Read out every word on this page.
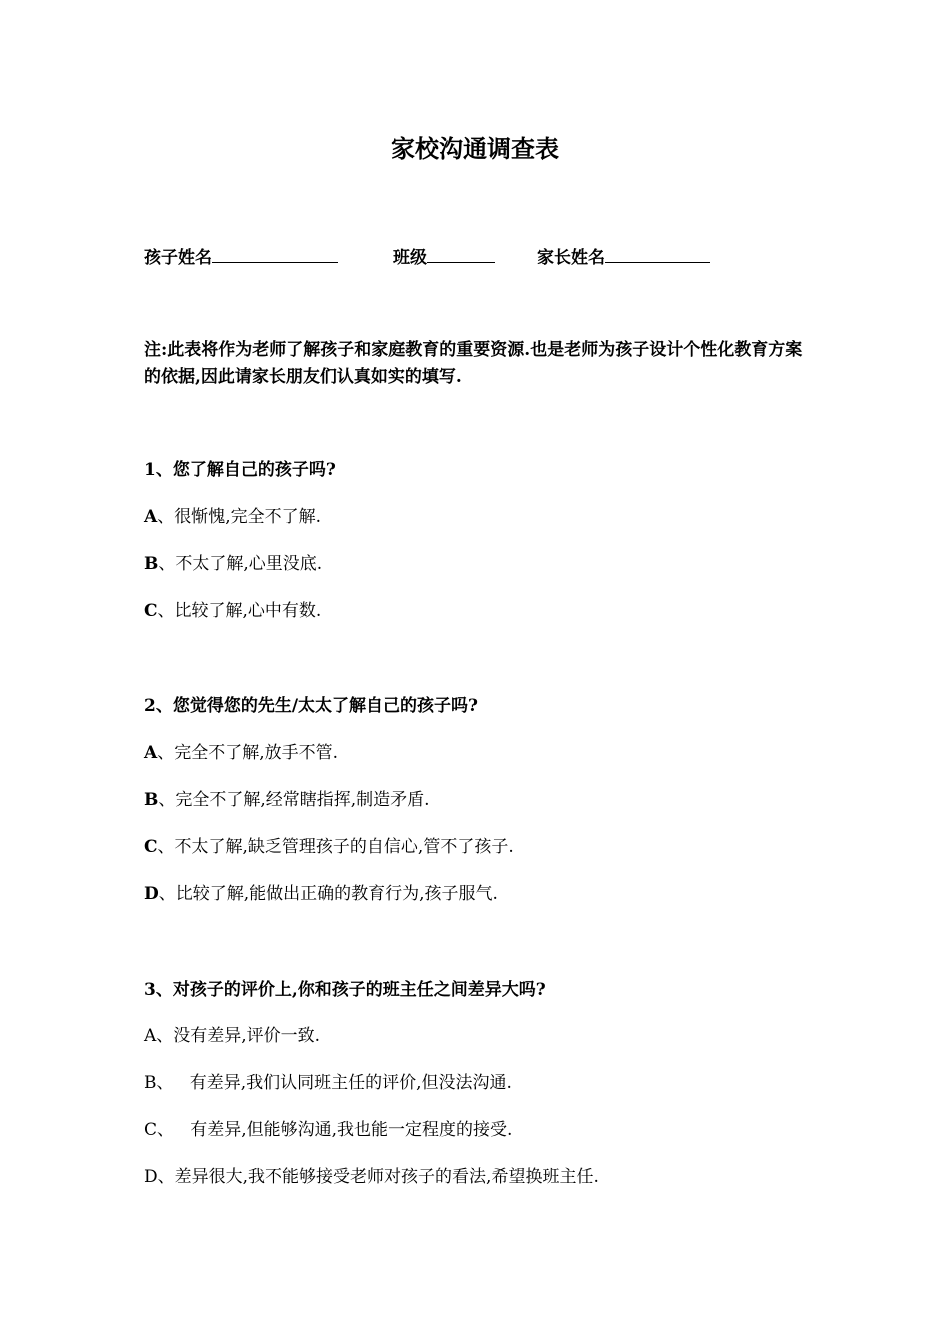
家校沟通调查表
孩子姓名	班级	家长姓名
注:此表将作为老师了解孩子和家庭教育的重要资源.也是老师为孩子设计个性化教育方案的依据,因此请家长朋友们认真如实的填写.
1、您了解自己的孩子吗?
A、很惭愧,完全不了解.
B、不太了解,心里没底.
C、比较了解,心中有数.
2、您觉得您的先生/太太了解自己的孩子吗?
A、完全不了解,放手不管.
B、完全不了解,经常瞎指挥,制造矛盾.
C、不太了解,缺乏管理孩子的自信心,管不了孩子.
D、比较了解,能做出正确的教育行为,孩子服气.
3、对孩子的评价上,你和孩子的班主任之间差异大吗?
A、没有差异,评价一致.
B、   有差异,我们认同班主任的评价,但没法沟通.
C、   有差异,但能够沟通,我也能一定程度的接受.
D、差异很大,我不能够接受老师对孩子的看法,希望换班主任.
